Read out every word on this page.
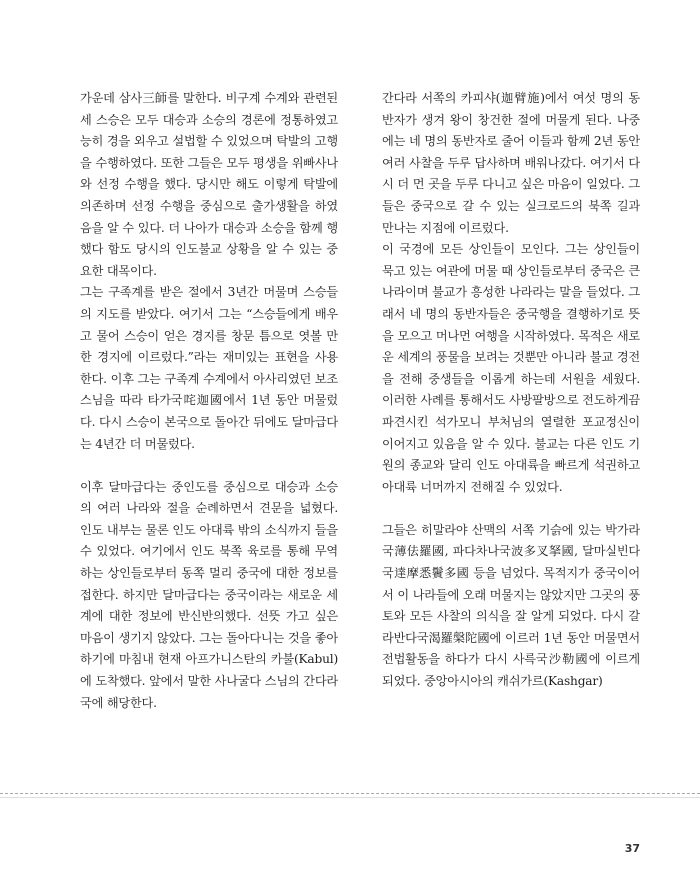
가운데 삼사三師를 말한다. 비구계 수계와 관련된 세 스승은 모두 대승과 소승의 경론에 정통하였고 능히 경을 외우고 설법할 수 있었으며 탁발의 고행을 수행하였다. 또한 그들은 모두 평생을 위빠사나와 선정 수행을 했다. 당시만 해도 이렇게 탁발에 의존하며 선정 수행을 중심으로 출가생활을 하였음을 알 수 있다. 더 나아가 대승과 소승을 함께 행했다 함도 당시의 인도불교 상황을 알 수 있는 중요한 대목이다.

그는 구족계를 받은 절에서 3년간 머물며 스승들의 지도를 받았다. 여기서 그는 “스승들에게 배우고 물어 스승이 얻은 경지를 창문 틈으로 엿볼 만한 경지에 이르렀다.”라는 재미있는 표현을 사용한다. 이후 그는 구족계 수계에서 아사리였던 보조 스님을 따라 타가국咤迦國에서 1년 동안 머물렀다. 다시 스승이 본국으로 돌아간 뒤에도 달마급다는 4년간 더 머물렀다.

이후 달마급다는 중인도를 중심으로 대승과 소승의 여러 나라와 절을 순례하면서 견문을 넓혔다. 인도 내부는 물론 인도 아대륙 밖의 소식까지 들을 수 있었다. 여기에서 인도 북쪽 육로를 통해 무역하는 상인들로부터 동쪽 멀리 중국에 대한 정보를 접한다. 하지만 달마급다는 중국이라는 새로운 세계에 대한 정보에 반신반의했다. 선뜻 가고 싶은 마음이 생기지 않았다. 그는 돌아다니는 것을 좋아하기에 마침내 현재 아프가니스탄의 카불(Kabul)에 도착했다. 앞에서 말한 사나굴다 스님의 간다라국에 해당한다.

간다라 서쪽의 카피샤(迦臂施)에서 여섯 명의 동반자가 생겨 왕이 창건한 절에 머물게 된다. 나중에는 네 명의 동반자로 줄어 이들과 함께 2년 동안 여러 사찰을 두루 답사하며 배워나갔다. 여기서 다시 더 먼 곳을 두루 다니고 싶은 마음이 일었다. 그들은 중국으로 갈 수 있는 실크로드의 북쪽 길과 만나는 지점에 이르렀다.

이 국경에 모든 상인들이 모인다. 그는 상인들이 묵고 있는 여관에 머물 때 상인들로부터 중국은 큰 나라이며 불교가 흥성한 나라라는 말을 들었다. 그래서 네 명의 동반자들은 중국행을 결행하기로 뜻을 모으고 머나먼 여행을 시작하였다. 목적은 새로운 세계의 풍물을 보려는 것뿐만 아니라 불교 경전을 전해 중생들을 이롭게 하는데 서원을 세웠다. 이러한 사례를 통해서도 사방팔방으로 전도하게끔 파견시킨 석가모니 부처님의 열렬한 포교정신이 이어지고 있음을 알 수 있다. 불교는 다른 인도 기원의 종교와 달리 인도 아대륙을 빠르게 석권하고 아대륙 너머까지 전해질 수 있었다.

그들은 히말라야 산맥의 서쪽 기슭에 있는 박가라국薄佉羅國, 파다차나국波多叉拏國, 달마실빈다국達摩悉鬢多國 등을 넘었다. 목적지가 중국이어서 이 나라들에 오래 머물지는 않았지만 그곳의 풍토와 모든 사찰의 의식을 잘 알게 되었다. 다시 갈라반다국渴羅槃陀國에 이르러 1년 동안 머물면서 전법활동을 하다가 다시 사륵국沙勒國에 이르게 되었다. 중앙아시아의 캐쉬가르(Kashgar)

37
